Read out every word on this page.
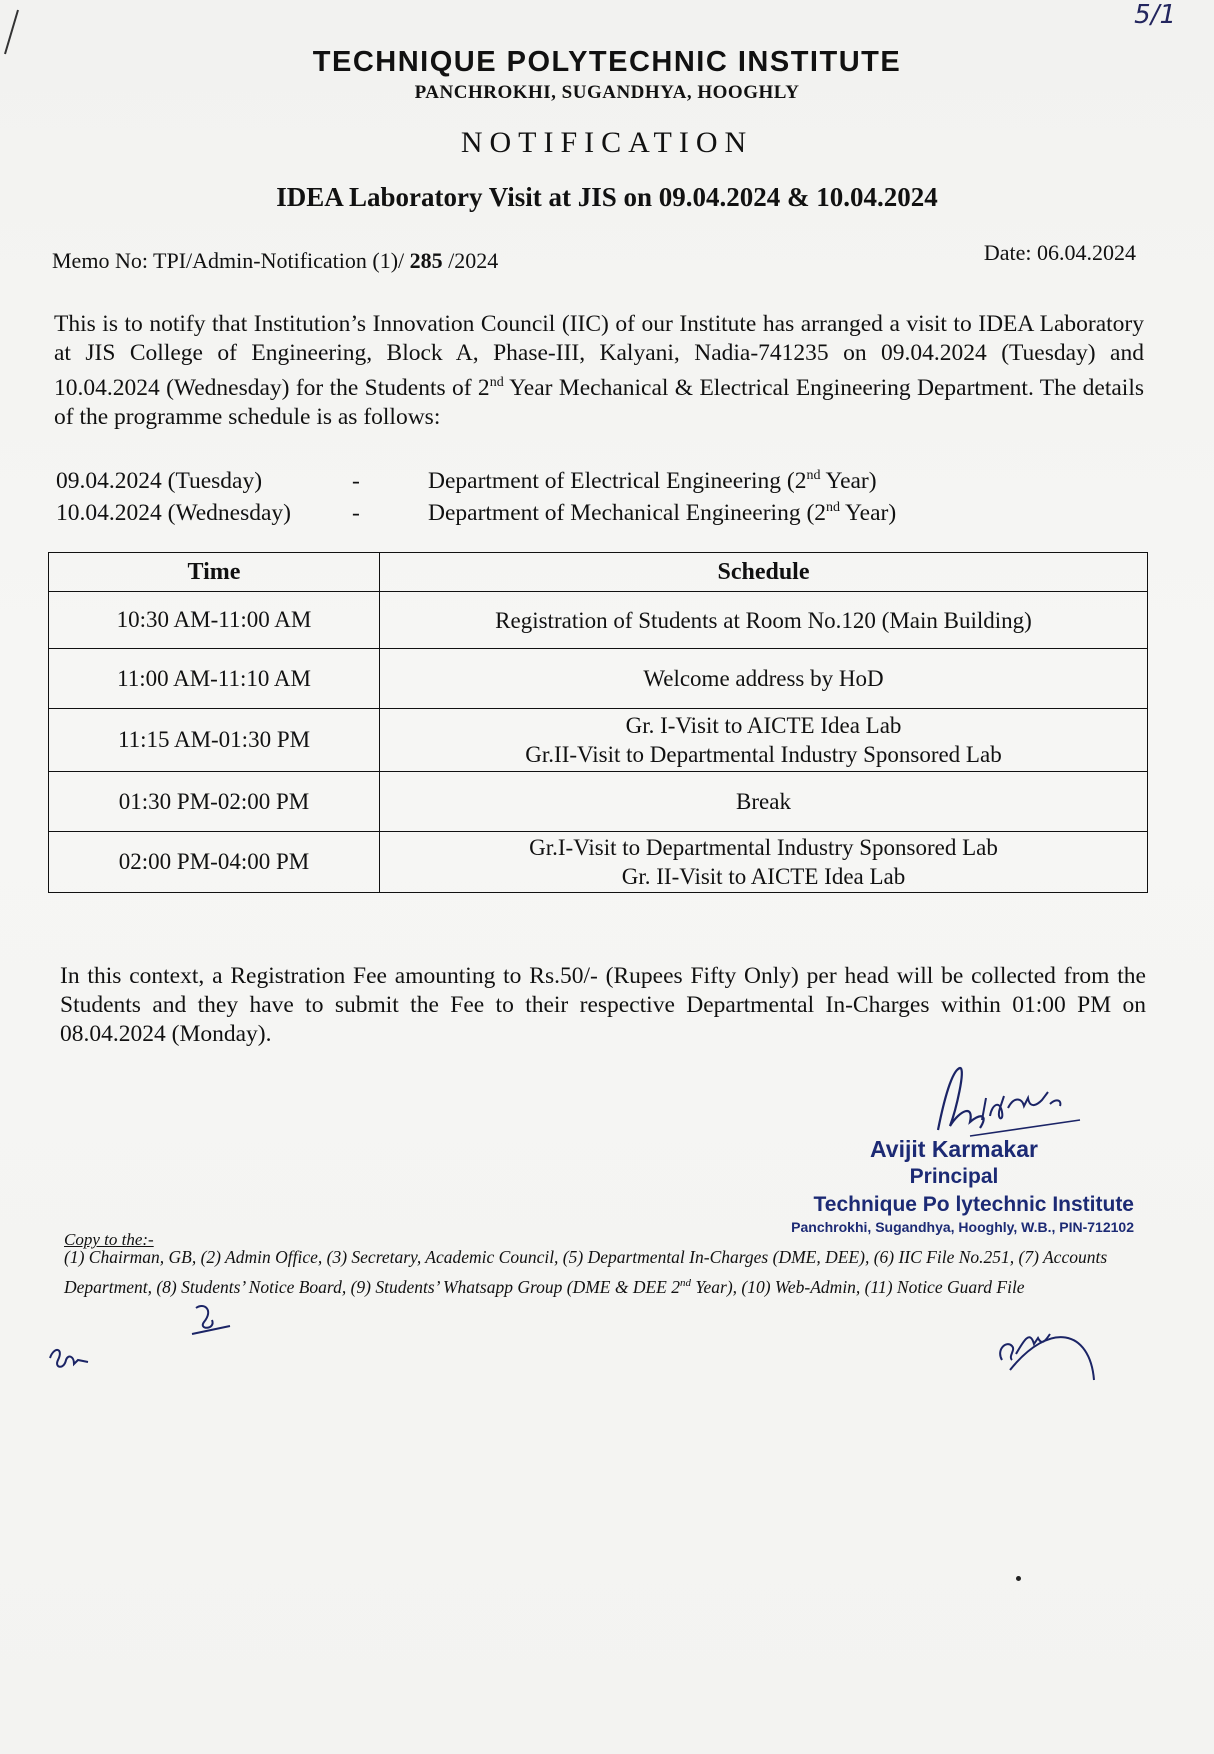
5/1
TECHNIQUE POLYTECHNIC INSTITUTE
PANCHROKHI, SUGANDHYA, HOOGHLY
NOTIFICATION
IDEA Laboratory Visit at JIS on 09.04.2024 & 10.04.2024
Memo No: TPI/Admin-Notification (1)/ 285 /2024	Date: 06.04.2024
This is to notify that Institution’s Innovation Council (IIC) of our Institute has arranged a visit to IDEA Laboratory at JIS College of Engineering, Block A, Phase-III, Kalyani, Nadia-741235 on 09.04.2024 (Tuesday) and 10.04.2024 (Wednesday) for the Students of 2nd Year Mechanical & Electrical Engineering Department. The details of the programme schedule is as follows:
09.04.2024 (Tuesday)	-	Department of Electrical Engineering (2nd Year)
10.04.2024 (Wednesday)	-	Department of Mechanical Engineering (2nd Year)
Time	Schedule
10:30 AM-11:00 AM	Registration of Students at Room No.120 (Main Building)

11:00 AM-11:10 AM	Welcome address by HoD

11:15 AM-01:30 PM	Gr. I-Visit to AICTE Idea Lab
Gr.II-Visit to Departmental Industry Sponsored Lab

01:30 PM-02:00 PM	Break

02:00 PM-04:00 PM	Gr.I-Visit to Departmental Industry Sponsored Lab
Gr. II-Visit to AICTE Idea Lab
In this context, a Registration Fee amounting to Rs.50/- (Rupees Fifty Only) per head will be collected from the Students and they have to submit the Fee to their respective Departmental In-Charges within 01:00 PM on 08.04.2024 (Monday).
Avijit Karmakar
Principal
Technique Po lytechnic Institute
Panchrokhi, Sugandhya, Hooghly, W.B., PIN-712102
Copy to the:-
(1) Chairman, GB, (2) Admin Office, (3) Secretary, Academic Council, (5) Departmental In-Charges (DME, DEE), (6) IIC File No.251, (7) Accounts Department, (8) Students’ Notice Board, (9) Students’ Whatsapp Group (DME & DEE 2nd Year), (10) Web-Admin, (11) Notice Guard File
